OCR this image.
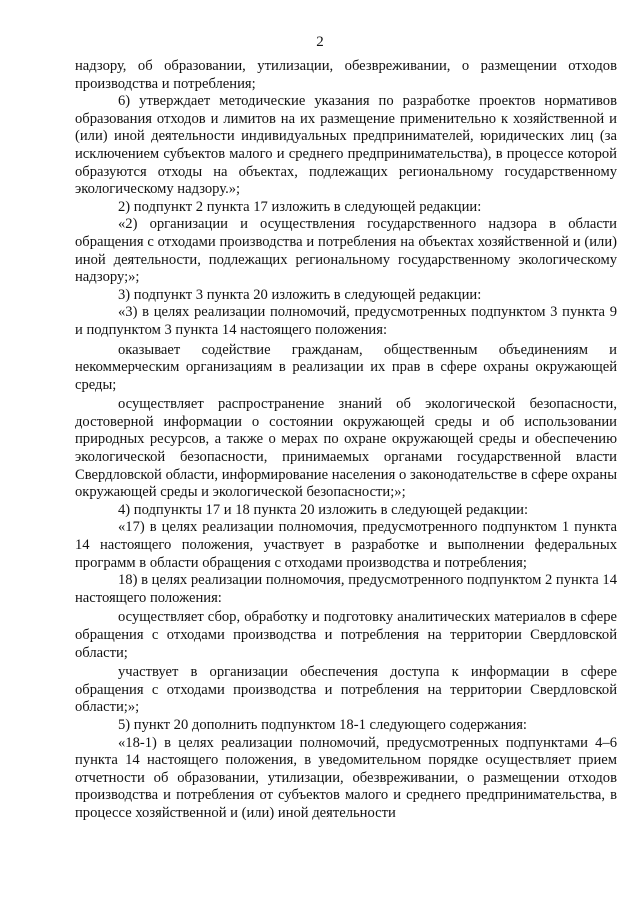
2

надзору, об образовании, утилизации, обезвреживании, о размещении отходов производства и потребления;

6) утверждает методические указания по разработке проектов нормативов образования отходов и лимитов на их размещение применительно к хозяйственной и (или) иной деятельности индивидуальных предпринимателей, юридических лиц (за исключением субъектов малого и среднего предпринимательства), в процессе которой образуются отходы на объектах, подлежащих региональному государственному экологическому надзору.»;

2) подпункт 2 пункта 17 изложить в следующей редакции:

«2) организации и осуществления государственного надзора в области обращения с отходами производства и потребления на объектах хозяйственной и (или) иной деятельности, подлежащих региональному государственному экологическому надзору;»;

3) подпункт 3 пункта 20 изложить в следующей редакции:

«3) в целях реализации полномочий, предусмотренных подпунктом 3 пункта 9 и подпунктом 3 пункта 14 настоящего положения:

оказывает содействие гражданам, общественным объединениям и некоммерческим организациям в реализации их прав в сфере охраны окружающей среды;

осуществляет распространение знаний об экологической безопасности, достоверной информации о состоянии окружающей среды и об использовании природных ресурсов, а также о мерах по охране окружающей среды и обеспечению экологической безопасности, принимаемых органами государственной власти Свердловской области, информирование населения о законодательстве в сфере охраны окружающей среды и экологической безопасности;»;

4) подпункты 17 и 18 пункта 20 изложить в следующей редакции:

«17) в целях реализации полномочия, предусмотренного подпунктом 1 пункта 14 настоящего положения, участвует в разработке и выполнении федеральных программ в области обращения с отходами производства и потребления;

18) в целях реализации полномочия, предусмотренного подпунктом 2 пункта 14 настоящего положения:

осуществляет сбор, обработку и подготовку аналитических материалов в сфере обращения с отходами производства и потребления на территории Свердловской области;

участвует в организации обеспечения доступа к информации в сфере обращения с отходами производства и потребления на территории Свердловской области;»;

5) пункт 20 дополнить подпунктом 18-1 следующего содержания:

«18-1) в целях реализации полномочий, предусмотренных подпунктами 4–6 пункта 14 настоящего положения, в уведомительном порядке осуществляет прием отчетности об образовании, утилизации, обезвреживании, о размещении отходов производства и потребления от субъектов малого и среднего предпринимательства, в процессе хозяйственной и (или) иной деятельности
